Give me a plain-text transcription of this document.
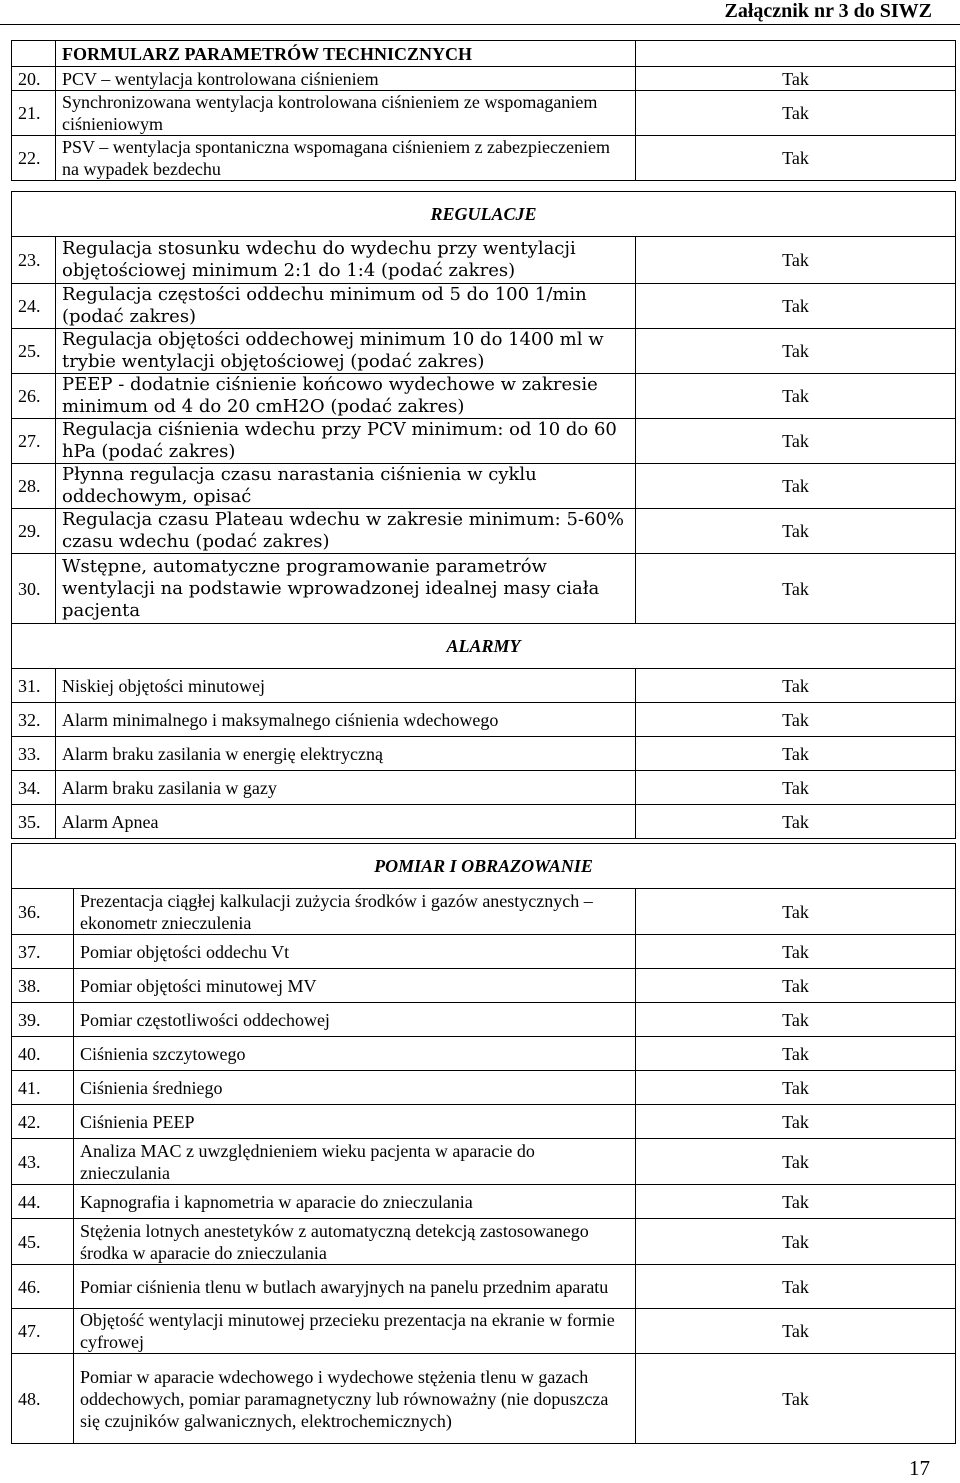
Załącznik nr 3 do SIWZ
	FORMULARZ PARAMETRÓW TECHNICZNYCH	
20.	PCV – wentylacja kontrolowana ciśnieniem	Tak
21.	Synchronizowana wentylacja kontrolowana ciśnieniem ze wspomaganiem ciśnieniowym	Tak
22.	PSV – wentylacja spontaniczna wspomagana ciśnieniem z zabezpieczeniem na wypadek bezdechu	Tak
REGULACJE		
23.	Regulacja stosunku wdechu do wydechu przy wentylacji objętościowej minimum 2:1 do 1:4 (podać zakres)	Tak
24.	Regulacja częstości oddechu minimum od 5 do 100 1/min (podać zakres)	Tak
25.	Regulacja objętości oddechowej minimum 10 do 1400 ml w trybie wentylacji objętościowej (podać zakres)	Tak
26.	PEEP - dodatnie ciśnienie końcowo wydechowe w zakresie minimum od 4 do 20 cmH2O (podać zakres)	Tak
27.	Regulacja ciśnienia wdechu przy PCV minimum: od 10 do 60 hPa (podać zakres)	Tak
28.	Płynna regulacja czasu narastania ciśnienia w cyklu oddechowym, opisać	Tak
29.	Regulacja czasu Plateau wdechu w zakresie minimum: 5-60% czasu wdechu (podać zakres)	Tak
30.	Wstępne, automatyczne programowanie parametrów wentylacji na podstawie wprowadzonej idealnej masy ciała pacjenta	Tak
ALARMY		
31.	Niskiej objętości minutowej	Tak
32.	Alarm minimalnego i maksymalnego ciśnienia wdechowego	Tak
33.	Alarm braku zasilania w energię elektryczną	Tak
34.	Alarm braku zasilania w gazy	Tak
35.	Alarm Apnea	Tak
POMIAR I OBRAZOWANIE		
36.	Prezentacja ciągłej kalkulacji zużycia środków i gazów anestycznych –ekonometr znieczulenia	Tak
37.	Pomiar objętości oddechu Vt	Tak
38.	Pomiar objętości minutowej MV	Tak
39.	Pomiar częstotliwości oddechowej	Tak
40.	Ciśnienia szczytowego	Tak
41.	Ciśnienia średniego	Tak
42.	Ciśnienia PEEP	Tak
43.	Analiza MAC z uwzględnieniem wieku pacjenta w aparacie do znieczulania	Tak
44.	Kapnografia i kapnometria w aparacie do znieczulania	Tak
45.	Stężenia lotnych anestetyków z automatyczną detekcją zastosowanego środka w aparacie do znieczulania	Tak
46.	Pomiar ciśnienia tlenu w butlach awaryjnych na panelu przednim aparatu	Tak
47.	Objętość wentylacji minutowej przecieku prezentacja na ekranie w formie cyfrowej	Tak
48.	Pomiar w aparacie wdechowego i wydechowe stężenia tlenu w gazach oddechowych, pomiar paramagnetyczny lub równoważny (nie dopuszcza się czujników galwanicznych, elektrochemicznych)	Tak
17
